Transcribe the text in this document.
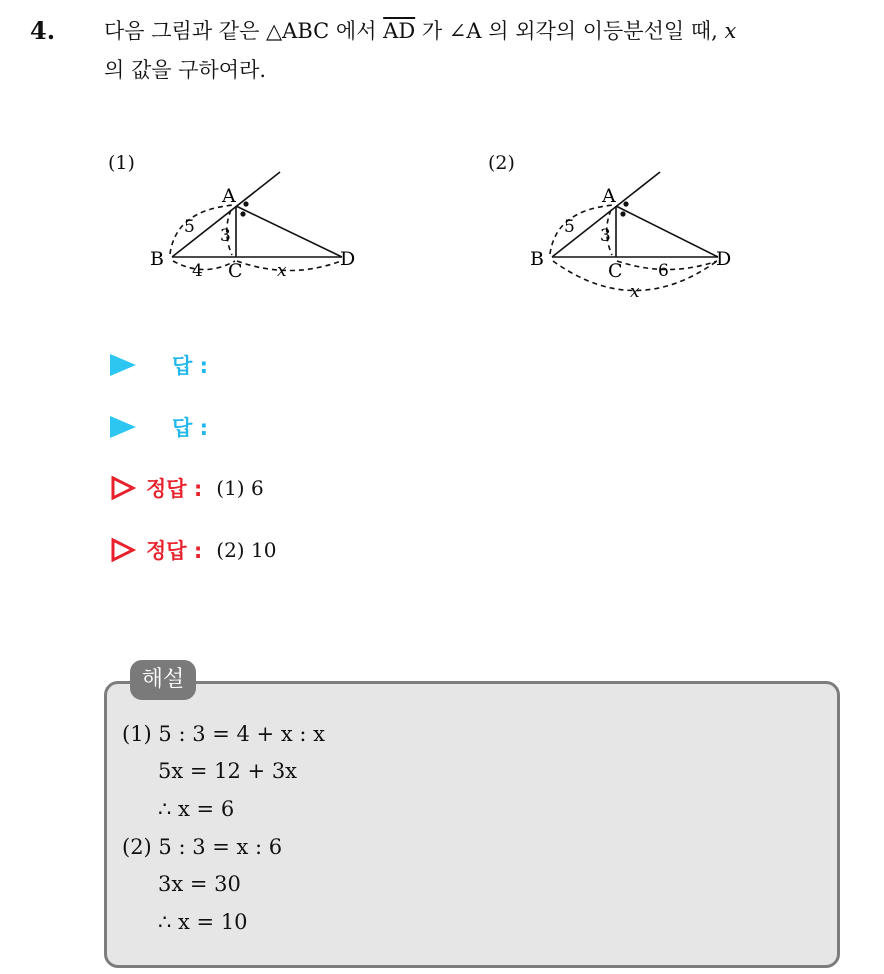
4. 다음 그림과 같은 △ABC 에서 $\overline{AD}$ 가 ∠A 의 외각의 이등분선일 때, x
의 값을 구하여라.
(1)
A
B
C
D
5 3
4	x
(2)
A
B
C
D
5 3
6
x
답 :
답 :
정답 : (1) 6
정답 : (2) 10
해설
(1) 5 : 3 = 4 + x : x
5x = 12 + 3x
∴ x = 6
(2) 5 : 3 = x : 6
3x = 30
∴ x = 10
